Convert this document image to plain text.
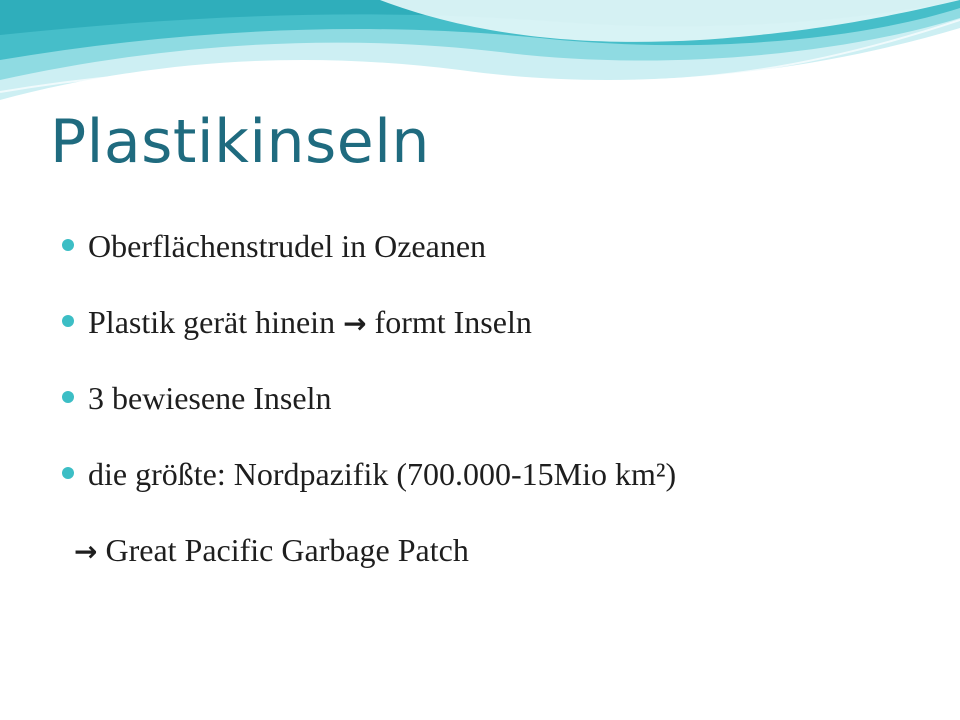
Plastikinseln
Oberflächenstrudel in Ozeanen
Plastik gerät hinein → formt Inseln
3 bewiesene Inseln
die größte: Nordpazifik (700.000-15Mio km²)
→ Great Pacific Garbage Patch
